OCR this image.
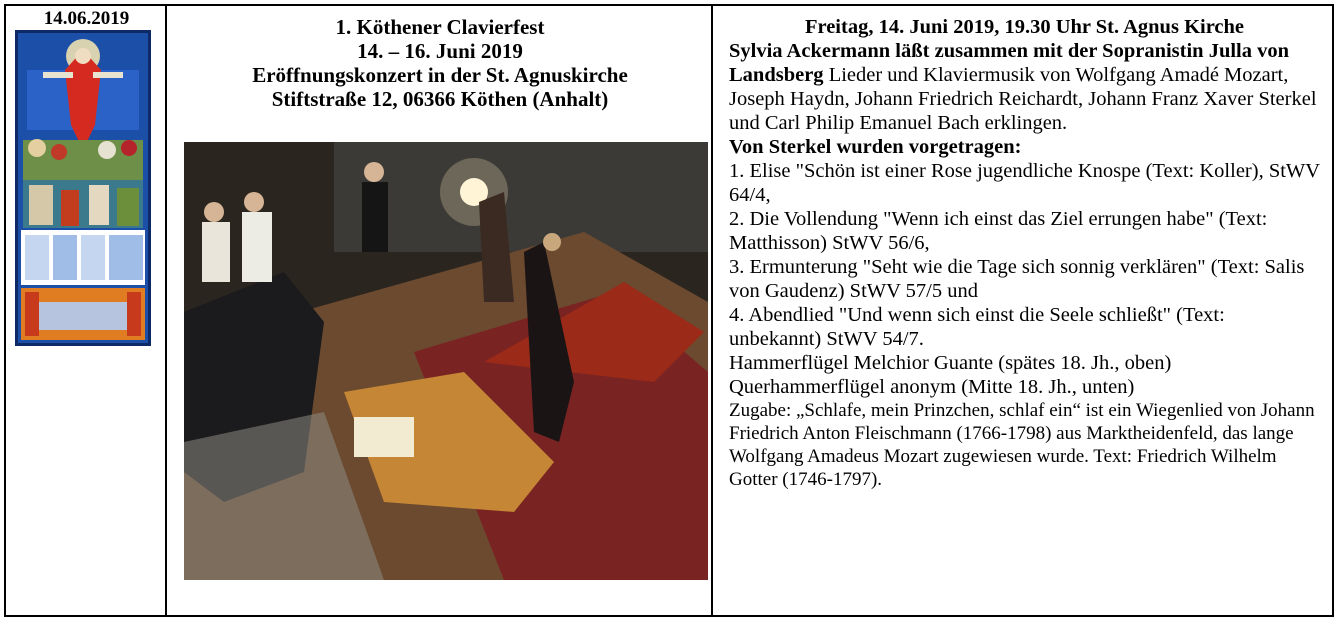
14.06.2019	1. Köthener Clavierfest

14. – 16. Juni 2019

Eröffnungskonzert in der St. Agnuskirche

Stiftstraße 12, 06366 Köthen (Anhalt)

Freitag, 14. Juni 2019, 19.30 Uhr St. Agnus Kirche

Sylvia Ackermann läßt zusammen mit der Sopranistin Julla von Landsberg Lieder und Klaviermusik von Wolfgang Amadé Mozart, Joseph Haydn, Johann Friedrich Reichardt, Johann Franz Xaver Sterkel und Carl Philip Emanuel Bach erklingen.

Von Sterkel wurden vorgetragen:

1. Elise "Schön ist einer Rose jugendliche Knospe (Text: Koller), StWV 64/4,

2. Die Vollendung "Wenn ich einst das Ziel errungen habe" (Text: Matthisson) StWV 56/6,

3. Ermunterung "Seht wie die Tage sich sonnig verklären" (Text: Salis von Gaudenz) StWV 57/5 und

4. Abendlied "Und wenn sich einst die Seele schließt" (Text: unbekannt) StWV 54/7.

Hammerflügel Melchior Guante (spätes 18. Jh., oben)

Querhammerflügel anonym (Mitte 18. Jh., unten)

Zugabe: „Schlafe, mein Prinzchen, schlaf ein“ ist ein Wiegenlied von Johann Friedrich Anton Fleischmann (1766-1798) aus Marktheidenfeld, das lange Wolfgang Amadeus Mozart zugewiesen wurde. Text: Friedrich Wilhelm Gotter (1746-1797).
